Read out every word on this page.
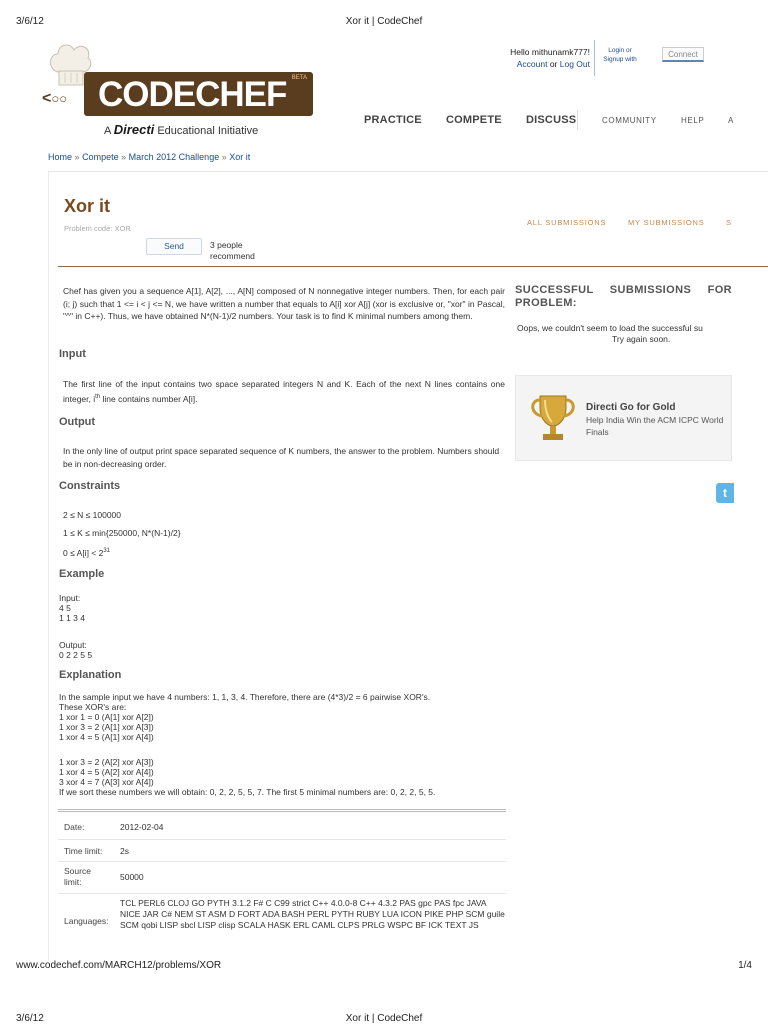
3/6/12	Xor it | CodeChef
<○○ CODECHEF BETA
A Directi Educational Initiative
Hello mithunamk777!
Account or Log Out
Login or
Signup with
Connect
PRACTICE COMPETE DISCUSS	COMMUNITY	HELP	A
Home » Compete » March 2012 Challenge » Xor it
Xor it
Problem code: XOR
Send	3 people recommend
ALL SUBMISSIONS	MY SUBMISSIONS	S
Chef has given you a sequence A[1], A[2], ..., A[N] composed of N nonnegative integer numbers. Then, for each pair (i; j) such that 1 <= i < j <= N, we have written a number that equals to A[i] xor A[j] (xor is exclusive or, "xor" in Pascal, "^" in C++). Thus, we have obtained N*(N-1)/2 numbers. Your task is to find K minimal numbers among them.
Input
The first line of the input contains two space separated integers N and K. Each of the next N lines contains one integer, $i^{th}$ line contains number A[i].
Output
In the only line of output print space separated sequence of K numbers, the answer to the problem. Numbers should be in non-decreasing order.
Constraints
2 ≤ N ≤ 100000
1 ≤ K ≤ min{250000, N*(N-1)/2}
$0 \le A[i] < 2^{31}$
Example
Input:
4 5
1 1 3 4
Output:
0 2 2 5 5
Explanation
In the sample input we have 4 numbers: 1, 1, 3, 4. Therefore, there are (4*3)/2 = 6 pairwise XOR's.
These XOR's are:
1 xor 1 = 0 (A[1] xor A[2])
1 xor 3 = 2 (A[1] xor A[3])
1 xor 4 = 5 (A[1] xor A[4])
1 xor 3 = 2 (A[2] xor A[3])
1 xor 4 = 5 (A[2] xor A[4])
3 xor 4 = 7 (A[3] xor A[4])
If we sort these numbers we will obtain: 0, 2, 2, 5, 5, 7. The first 5 minimal numbers are: 0, 2, 2, 5, 5.
Date:	2012-02-04
Time limit: 2s
Source limit:	50000
Languages:
TCL PERL6 CLOJ GO PYTH 3.1.2 F# C C99 strict C++ 4.0.0-8 C++ 4.3.2 PAS gpc PAS fpc JAVA NICE JAR C# NEM ST ASM D FORT ADA BASH PERL PYTH RUBY LUA ICON PIKE PHP SCM guile SCM qobi LISP sbcl LISP clisp SCALA HASK ERL CAML CLPS PRLG WSPC BF ICK TEXT JS
SUCCESSFUL SUBMISSIONS FOR
PROBLEM:
Oops, we couldn't seem to load the successful su
Try again soon.
Directi Go for Gold
Help India Win the ACM ICPC World Finals
t
www.codechef.com/MARCH12/problems/XOR	1/4
3/6/12	Xor it | CodeChef
